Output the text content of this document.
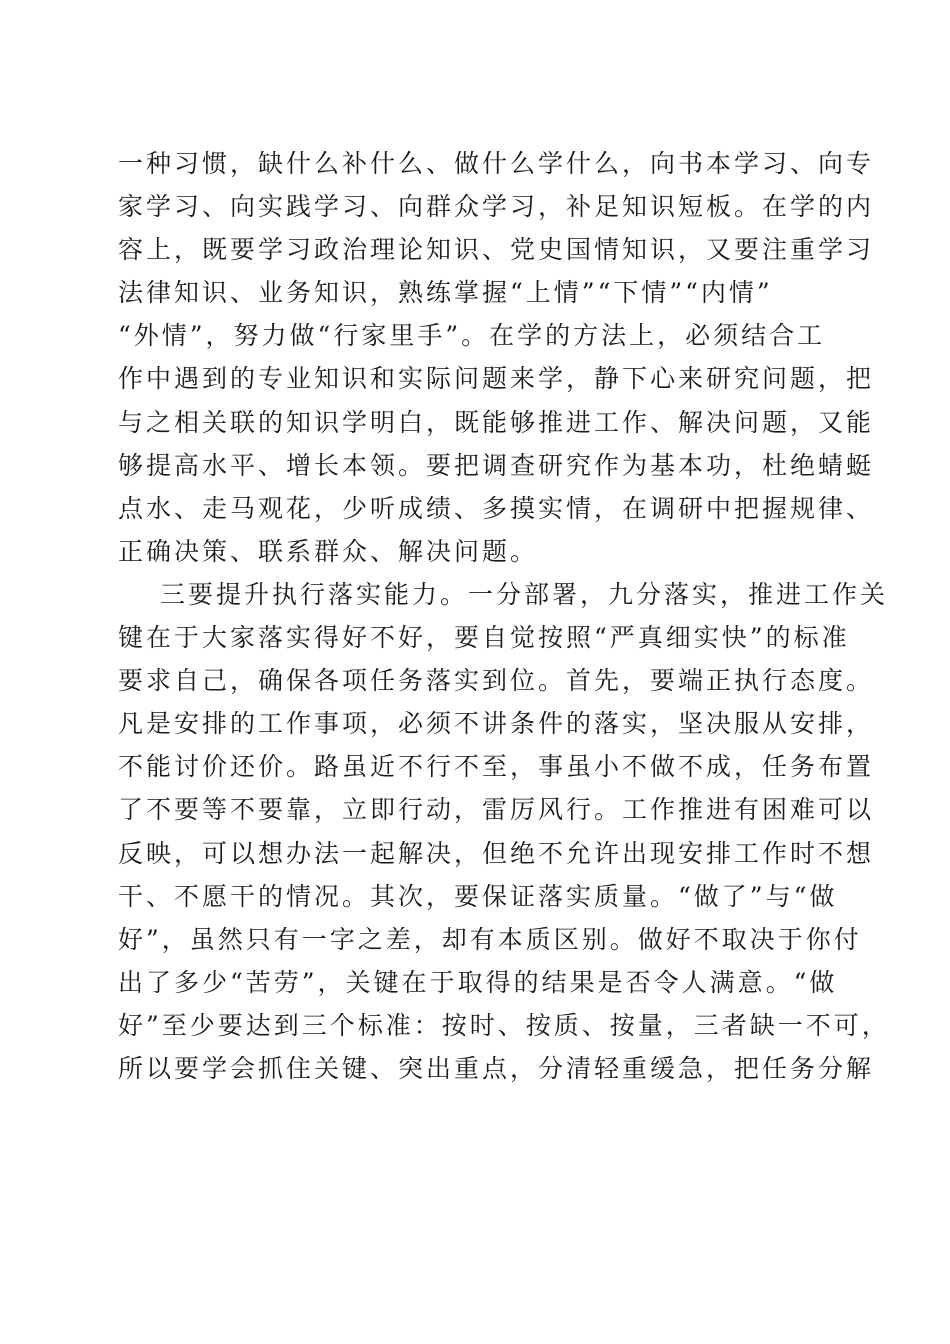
一种习惯，缺什么补什么、做什么学什么，向书本学习、向专
家学习、向实践学习、向群众学习，补足知识短板。在学的内
容上，既要学习政治理论知识、党史国情知识，又要注重学习
法律知识、业务知识，熟练掌握“上情”“下情”“内情”
“外情”，努力做“行家里手”。在学的方法上，必须结合工
作中遇到的专业知识和实际问题来学，静下心来研究问题，把
与之相关联的知识学明白，既能够推进工作、解决问题，又能
够提高水平、增长本领。要把调查研究作为基本功，杜绝蜻蜓
点水、走马观花，少听成绩、多摸实情，在调研中把握规律、
正确决策、联系群众、解决问题。
三要提升执行落实能力。一分部署，九分落实，推进工作关
键在于大家落实得好不好，要自觉按照“严真细实快”的标准
要求自己，确保各项任务落实到位。首先，要端正执行态度。
凡是安排的工作事项，必须不讲条件的落实，坚决服从安排，
不能讨价还价。路虽近不行不至，事虽小不做不成，任务布置
了不要等不要靠，立即行动，雷厉风行。工作推进有困难可以
反映，可以想办法一起解决，但绝不允许出现安排工作时不想
干、不愿干的情况。其次，要保证落实质量。“做了”与“做
好”，虽然只有一字之差，却有本质区别。做好不取决于你付
出了多少“苦劳”，关键在于取得的结果是否令人满意。“做
好”至少要达到三个标准：按时、按质、按量，三者缺一不可，
所以要学会抓住关键、突出重点，分清轻重缓急，把任务分解
